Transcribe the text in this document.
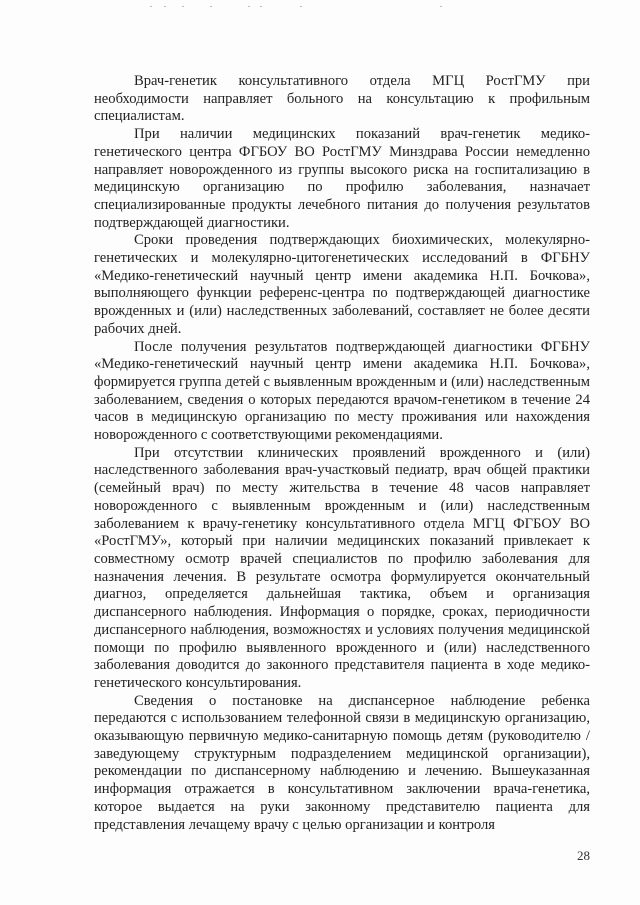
Врач-генетик консультативного отдела МГЦ РостГМУ при необходимости направляет больного на консультацию к профильным специалистам.

При наличии медицинских показаний врач-генетик медико-генетического центра ФГБОУ ВО РостГМУ Минздрава России немедленно направляет новорожденного из группы высокого риска на госпитализацию в медицинскую организацию по профилю заболевания, назначает специализированные продукты лечебного питания до получения результатов подтверждающей диагностики.

Сроки проведения подтверждающих биохимических, молекулярно-генетических и молекулярно-цитогенетических исследований в ФГБНУ «Медико-генетический научный центр имени академика Н.П. Бочкова», выполняющего функции референс-центра по подтверждающей диагностике врожденных и (или) наследственных заболеваний, составляет не более десяти рабочих дней.

После получения результатов подтверждающей диагностики ФГБНУ «Медико-генетический научный центр имени академика Н.П. Бочкова», формируется группа детей с выявленным врожденным и (или) наследственным заболеванием, сведения о которых передаются врачом-генетиком в течение 24 часов в медицинскую организацию по месту проживания или нахождения новорожденного с соответствующими рекомендациями.

При отсутствии клинических проявлений врожденного и (или) наследственного заболевания врач-участковый педиатр, врач общей практики (семейный врач) по месту жительства в течение 48 часов направляет новорожденного с выявленным врожденным и (или) наследственным заболеванием к врачу-генетику консультативного отдела МГЦ ФГБОУ ВО «РостГМУ», который при наличии медицинских показаний привлекает к совместному осмотр врачей специалистов по профилю заболевания для назначения лечения. В результате осмотра формулируется окончательный диагноз, определяется дальнейшая тактика, объем и организация диспансерного наблюдения. Информация о порядке, сроках, периодичности диспансерного наблюдения, возможностях и условиях получения медицинской помощи по профилю выявленного врожденного и (или) наследственного заболевания доводится до законного представителя пациента в ходе медико-генетического консультирования.

Сведения о постановке на диспансерное наблюдение ребенка передаются с использованием телефонной связи в медицинскую организацию, оказывающую первичную медико-санитарную помощь детям (руководителю / заведующему структурным подразделением медицинской организации), рекомендации по диспансерному наблюдению и лечению. Вышеуказанная информация отражается в консультативном заключении врача-генетика, которое выдается на руки законному представителю пациента для представления лечащему врачу с целью организации и контроля

28
